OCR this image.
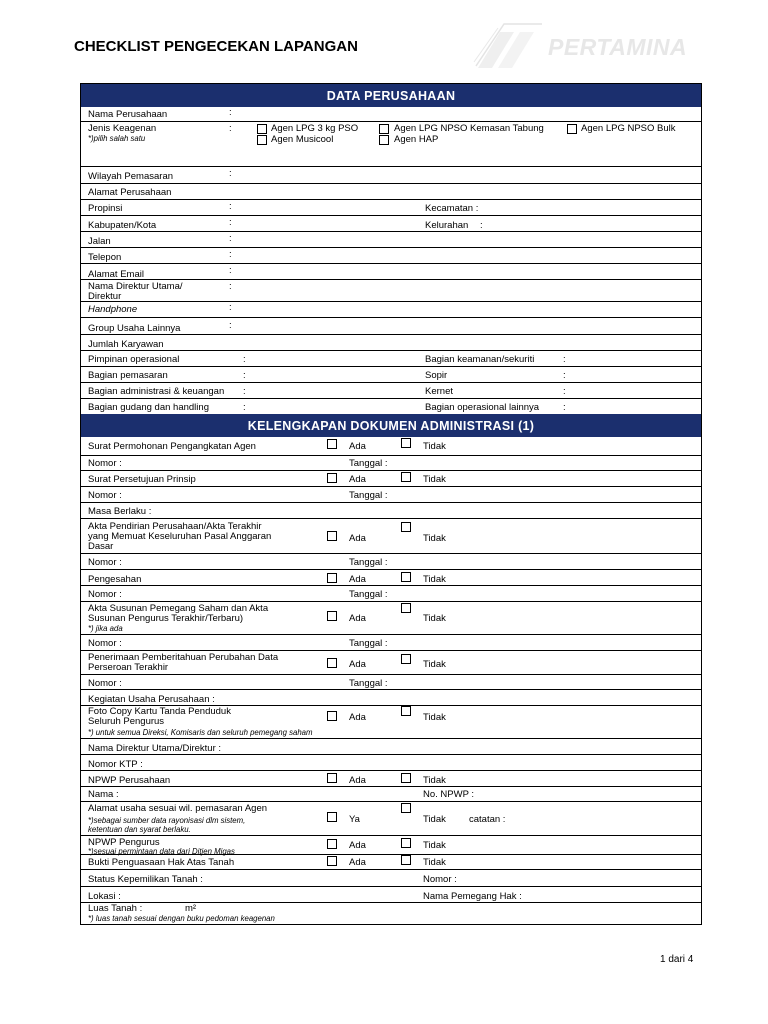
CHECKLIST PENGECEKAN LAPANGAN	PERTAMINA
DATA PERUSAHAAN
Nama Perusahaan	:
Jenis Keagenan
*)pilih salah satu
:	Agen LPG 3 kg PSO	Agen LPG NPSO Kemasan Tabung	Agen LPG NPSO Bulk
Agen Musicool	Agen HAP
Wilayah Pemasaran	:
Alamat Perusahaan
Propinsi	:	Kecamatan :
Kabupaten/Kota	:	Kelurahan :
Jalan	:
Telepon	:
Alamat Email	:
Nama Direktur Utama/
Direktur
:
Handphone	:
Group Usaha Lainnya	:
Jumlah Karyawan
Pimpinan operasional	:	Bagian keamanan/sekuriti	:
Bagian pemasaran	:	Sopir	:
Bagian administrasi & keuangan :	Kernet	:
Bagian gudang dan handling	:	Bagian operasional lainnya	:
KELENGKAPAN DOKUMEN ADMINISTRASI (1)
Surat Permohonan Pengangkatan Agen	Ada	Tidak
Nomor :	Tanggal :
Surat Persetujuan Prinsip	Ada	Tidak
Nomor :	Tanggal :
Masa Berlaku :
Akta Pendirian Perusahaan/Akta Terakhir
yang Memuat Keseluruhan Pasal Anggaran
Dasar
Ada	Tidak
Nomor :	Tanggal :
Pengesahan	Ada	Tidak
Nomor :	Tanggal :
Akta Susunan Pemegang Saham dan Akta
Susunan Pengurus Terakhir/Terbaru)
*) jika ada
Ada	Tidak
Nomor :	Tanggal :
Penerimaan Pemberitahuan Perubahan Data
Perseroan Terakhir	Ada	Tidak
Nomor :	Tanggal :
Kegiatan Usaha Perusahaan :
Foto Copy Kartu Tanda Penduduk
Seluruh Pengurus
*) untuk semua Direksi, Komisaris dan seluruh pemegang saham
Ada	Tidak
Nama Direktur Utama/Direktur :
Nomor KTP :
NPWP Perusahaan	Ada	Tidak
Nama :	No. NPWP :
Alamat usaha sesuai wil. pemasaran Agen
*)sebagai sumber data rayonisasi dlm sistem,
ketentuan dan syarat berlaku.
Ya	Tidak catatan :
NPWP Pengurus
*)sesuai permintaan data dari Ditjen Migas
Ada	Tidak
Bukti Penguasaan Hak Atas Tanah	Ada	Tidak
Status Kepemilikan Tanah :	Nomor :
Lokasi :	Nama Pemegang Hak :
Luas Tanah :	m²
*) luas tanah sesuai dengan buku pedoman keagenan
1 dari 4
